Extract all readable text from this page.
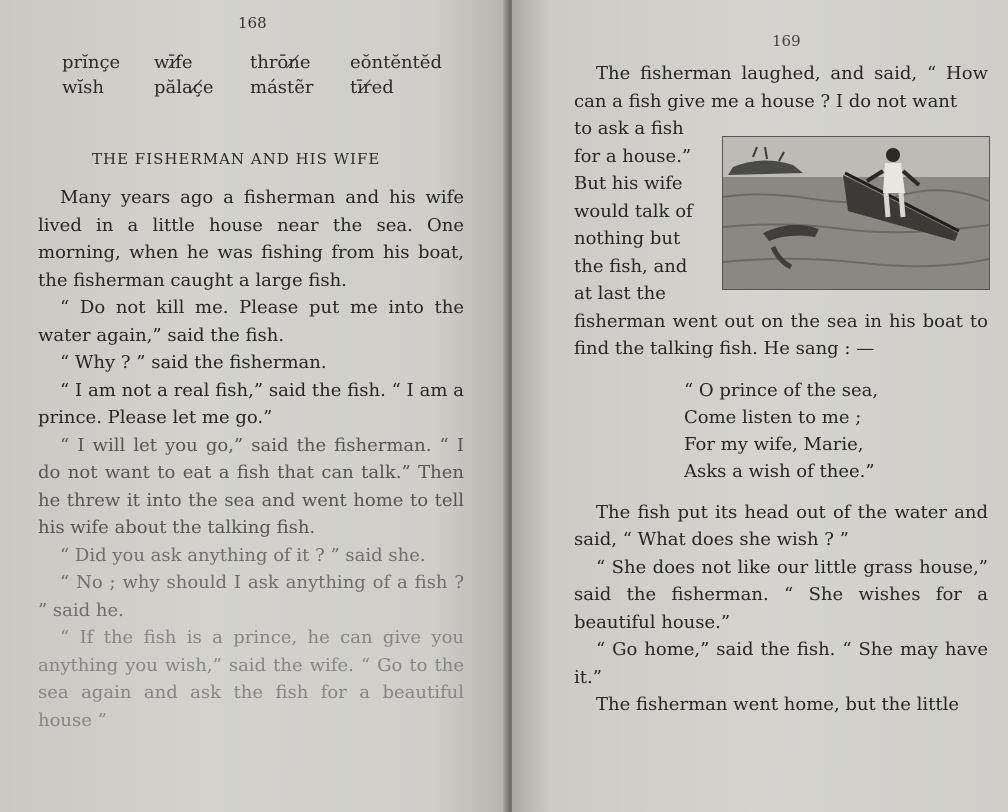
168
prĭnçe	wīf̸e	thrōn̸e	eŏntĕntĕd
wĭsh	pălaç̸e	mástẽr	tīr̸ed
THE FISHERMAN AND HIS WIFE

Many years ago a fisherman and his wife lived in a little house near the sea. One morning, when he was fishing from his boat, the fisherman caught a large fish.

“ Do not kill me. Please put me into the water again,” said the fish.

“ Why ? ” said the fisherman.

“ I am not a real fish,” said the fish. “ I am a prince. Please let me go.”

“ I will let you go,” said the fisherman. “ I do not want to eat a fish that can talk.” Then he threw it into the sea and went home to tell his wife about the talking fish.

“ Did you ask anything of it ? ” said she.

“ No ; why should I ask anything of a fish ? ” said he.

“ If the fish is a prince, he can give you anything you wish,” said the wife. “ Go to the sea again and ask the fish for a beautiful house ”

169

The fisherman laughed, and said, “ How can a fish give me a house ? I do not want

to ask a fish

for a house.”

But his wife

would talk of

nothing but

the fish, and

at last the

fisherman went out on the sea in his boat to find the talking fish. He sang : —

“ O prince of the sea,
Come listen to me ;
For my wife, Marie,
Asks a wish of thee.”

The fish put its head out of the water and said, “ What does she wish ? ”

“ She does not like our little grass house,” said the fisherman. “ She wishes for a beautiful house.”

“ Go home,” said the fish. “ She may have it.”

The fisherman went home, but the little
